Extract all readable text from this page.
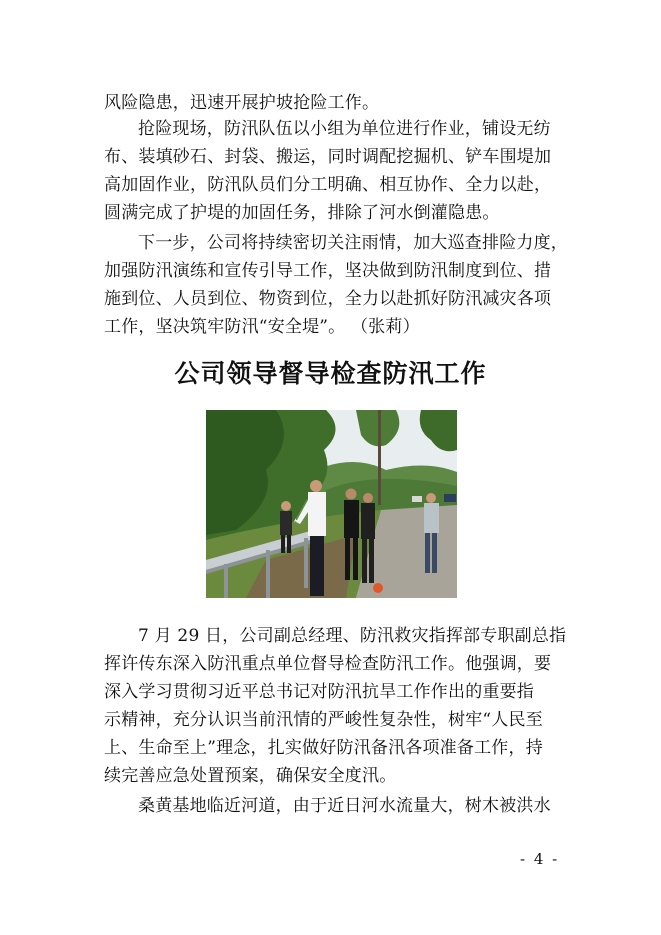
风险隐患，迅速开展护坡抢险工作。
抢险现场，防汛队伍以小组为单位进行作业，铺设无纺
布、装填砂石、封袋、搬运，同时调配挖掘机、铲车围堤加
高加固作业，防汛队员们分工明确、相互协作、全力以赴，
圆满完成了护堤的加固任务，排除了河水倒灌隐患。
下一步，公司将持续密切关注雨情，加大巡查排险力度，
加强防汛演练和宣传引导工作，坚决做到防汛制度到位、措
施到位、人员到位、物资到位，全力以赴抓好防汛减灾各项
工作，坚决筑牢防汛“安全堤”。 （张莉）
公司领导督导检查防汛工作
7 月 29 日，公司副总经理、防汛救灾指挥部专职副总指
挥许传东深入防汛重点单位督导检查防汛工作。他强调，要
深入学习贯彻习近平总书记对防汛抗旱工作作出的重要指
示精神，充分认识当前汛情的严峻性复杂性，树牢“人民至
上、生命至上”理念，扎实做好防汛备汛各项准备工作，持
续完善应急处置预案，确保安全度汛。
桑黄基地临近河道，由于近日河水流量大，树木被洪水
- 4 -
